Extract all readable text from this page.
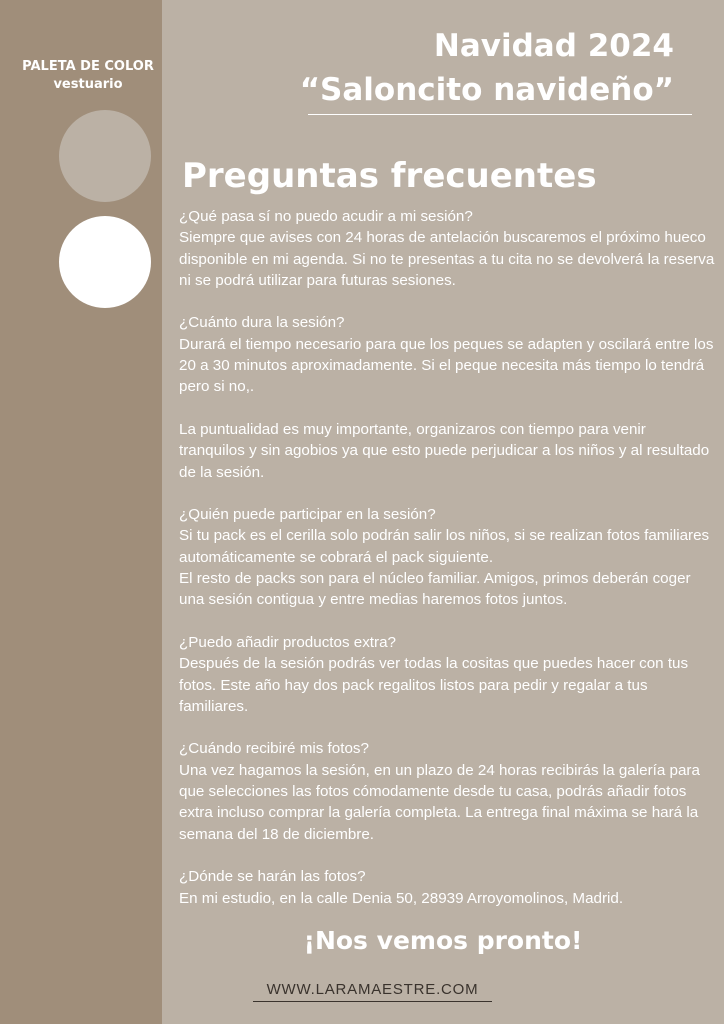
PALETA DE COLOR
vestuario
Navidad 2024
“Saloncito navideño”
Preguntas frecuentes

¿Qué pasa sí no puedo acudir a mi sesión?

Siempre que avises con 24 horas de antelación buscaremos el próximo hueco disponible en mi agenda. Si no te presentas a tu cita no se devolverá la reserva ni se podrá utilizar para futuras sesiones.

¿Cuánto dura la sesión?

Durará el tiempo necesario para que los peques se adapten y oscilará entre los 20 a 30 minutos aproximadamente. Si el peque necesita más tiempo lo tendrá pero si no,.

La puntualidad es muy importante, organizaros con tiempo para venir tranquilos y sin agobios ya que esto puede perjudicar a los niños y al resultado de la sesión.

¿Quién puede participar en la sesión?

Si tu pack es el cerilla solo podrán salir los niños, si se realizan fotos familiares automáticamente se cobrará el pack siguiente.

El resto de packs son para el núcleo familiar. Amigos, primos deberán coger una sesión contigua y entre medias haremos fotos juntos.

¿Puedo añadir productos extra?

Después de la sesión podrás ver todas la cositas que puedes hacer con tus fotos. Este año hay dos pack regalitos listos para pedir y regalar a tus familiares.

¿Cuándo recibiré mis fotos?

Una vez hagamos la sesión, en un plazo de 24 horas recibirás la galería para que selecciones las fotos cómodamente desde tu casa, podrás añadir fotos extra incluso comprar la galería completa. La entrega final máxima se hará la semana del 18 de diciembre.

¿Dónde se harán las fotos?

En mi estudio, en la calle Denia 50, 28939 Arroyomolinos, Madrid.

¡Nos vemos pronto!
WWW.LARAMAESTRE.COM
